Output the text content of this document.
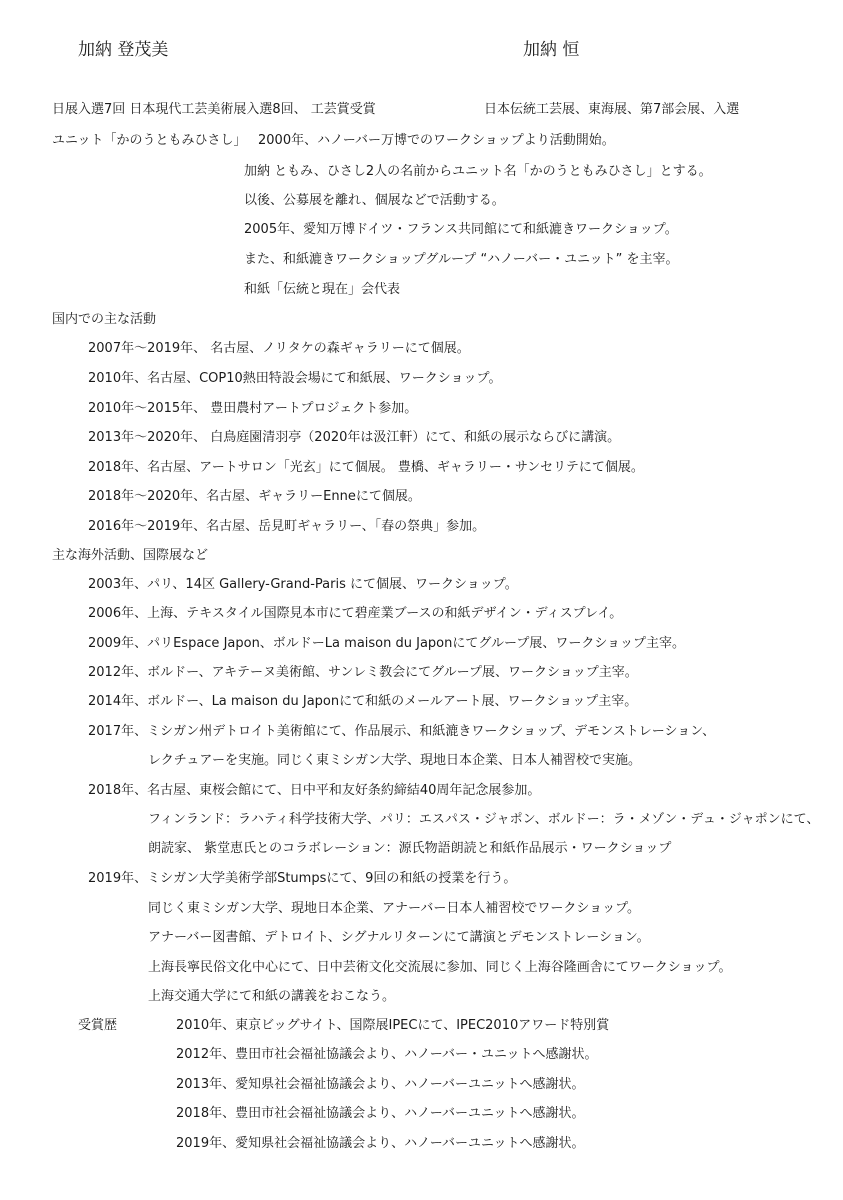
加納 登茂美	加納 恒
日展入選7回 日本現代工芸美術展入選8回、 工芸賞受賞	日本伝統工芸展、東海展、第7部会展、入選
ユニット「かのうともみひさし」 2000年、ハノーバー万博でのワークショップより活動開始。
加納 ともみ、ひさし2人の名前からユニット名「かのうともみひさし」とする。
以後、公募展を離れ、個展などで活動する。
2005年、愛知万博ドイツ・フランス共同館にて和紙漉きワークショップ。
また、和紙漉きワークショップグループ “ハノーバー・ユニット” を主宰。
和紙「伝統と現在」会代表
国内での主な活動
2007年～2019年、 名古屋、ノリタケの森ギャラリーにて個展。
2010年、名古屋、COP10熱田特設会場にて和紙展、ワークショップ。
2010年～2015年、 豊田農村アートプロジェクト参加。
2013年～2020年、 白鳥庭園清羽亭（2020年は汲江軒）にて、和紙の展示ならびに講演。
2018年、名古屋、アートサロン「光玄」にて個展。 豊橋、ギャラリー・サンセリテにて個展。
2018年～2020年、名古屋、ギャラリーEnneにて個展。
2016年～2019年、名古屋、岳見町ギャラリー、「春の祭典」参加。
主な海外活動、国際展など
2003年、パリ、14区 Gallery-Grand-Paris にて個展、ワークショップ。
2006年、上海、テキスタイル国際見本市にて碧産業ブースの和紙デザイン・ディスプレイ。
2009年、パリEspace Japon、ボルドーLa maison du Japonにてグループ展、ワークショップ主宰。
2012年、ボルドー、アキテーヌ美術館、サンレミ教会にてグループ展、ワークショップ主宰。
2014年、ボルドー、La maison du Japonにて和紙のメールアート展、ワークショップ主宰。
2017年、ミシガン州デトロイト美術館にて、作品展示、和紙漉きワークショップ、デモンストレーション、
レクチュアーを実施。同じく東ミシガン大学、現地日本企業、日本人補習校で実施。
2018年、名古屋、東桜会館にて、日中平和友好条約締結40周年記念展参加。
フィンランド：ラハティ科学技術大学、パリ：エスパス・ジャポン、ボルドー：ラ・メゾン・デュ・ジャポンにて、
朗読家、 紫堂恵氏とのコラボレーション：源氏物語朗読と和紙作品展示・ワークショップ
2019年、ミシガン大学美術学部Stumpsにて、9回の和紙の授業を行う。
同じく東ミシガン大学、現地日本企業、アナーバー日本人補習校でワークショップ。
アナーバー図書館、デトロイト、シグナルリターンにて講演とデモンストレーション。
上海長寧民俗文化中心にて、日中芸術文化交流展に参加、同じく上海谷隆画舎にてワークショップ。
上海交通大学にて和紙の講義をおこなう。
受賞歴	2010年、東京ビッグサイト、国際展IPECにて、IPEC2010アワード特別賞
2012年、豊田市社会福祉協議会より、ハノーバー・ユニットへ感謝状。
2013年、愛知県社会福祉協議会より、ハノーバーユニットへ感謝状。
2018年、豊田市社会福祉協議会より、ハノーバーユニットへ感謝状。
2019年、愛知県社会福祉協議会より、ハノーバーユニットへ感謝状。
